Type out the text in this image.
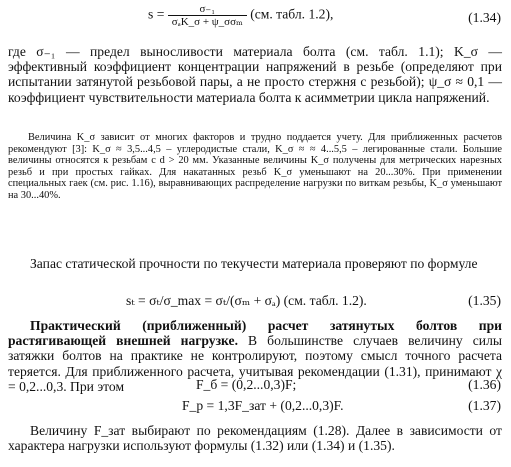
$s = \frac{\text{σ₋₁}}{\text{σₐK\_σ + ψ\_σσₘ}} (см$. табл. 1.2),	(1.34)
где σ₋₁ — предел выносливости материала болта (см. табл. 1.1); K_σ — эффективный коэффициент концентрации напряжений в резьбе (определяют при испытании затянутой резьбовой пары, а не просто стержня с резьбой); ψ_σ ≈ 0,1 — коэффициент чувствительности материала болта к асимметрии цикла напряжений.
Величина K_σ зависит от многих факторов и трудно поддается учету. Для приближенных расчетов рекомендуют [3]: K_σ ≈ 3,5...4,5 – углеродистые стали, K_σ ≈ ≈ 4...5,5 – легированные стали. Большие величины относятся к резьбам с d > 20 мм. Указанные величины K_σ получены для метрических нарезных резьб и при простых гайках. Для накатанных резьб K_σ уменьшают на 20...30%. При применении специальных гаек (см. рис. 1.16), выравнивающих распределение нагрузки по виткам резьбы, K_σ уменьшают на 30...40%.
Запас статической прочности по текучести материала проверяют по формуле
sₜ = σₜ/σ_max = σₜ/(σₘ + σₐ) (см. табл. 1.2).	(1.35)
Практический (приближенный) расчет затянутых болтов при растягивающей внешней нагрузке. В большинстве случаев величину силы затяжки болтов на практике не контролируют, поэтому смысл точного расчета теряется. Для приближенного расчета, учитывая рекомендации (1.31), принимают χ = 0,2...0,3. При этом	F_б = (0,2...0,3)F;	(1.36)
F_р = 1,3F_зат + (0,2...0,3)F.	(1.37)
Величину F_зат выбирают по рекомендациям (1.28). Далее в зависимости от характера нагрузки используют формулы (1.32) или (1.34) и (1.35).
